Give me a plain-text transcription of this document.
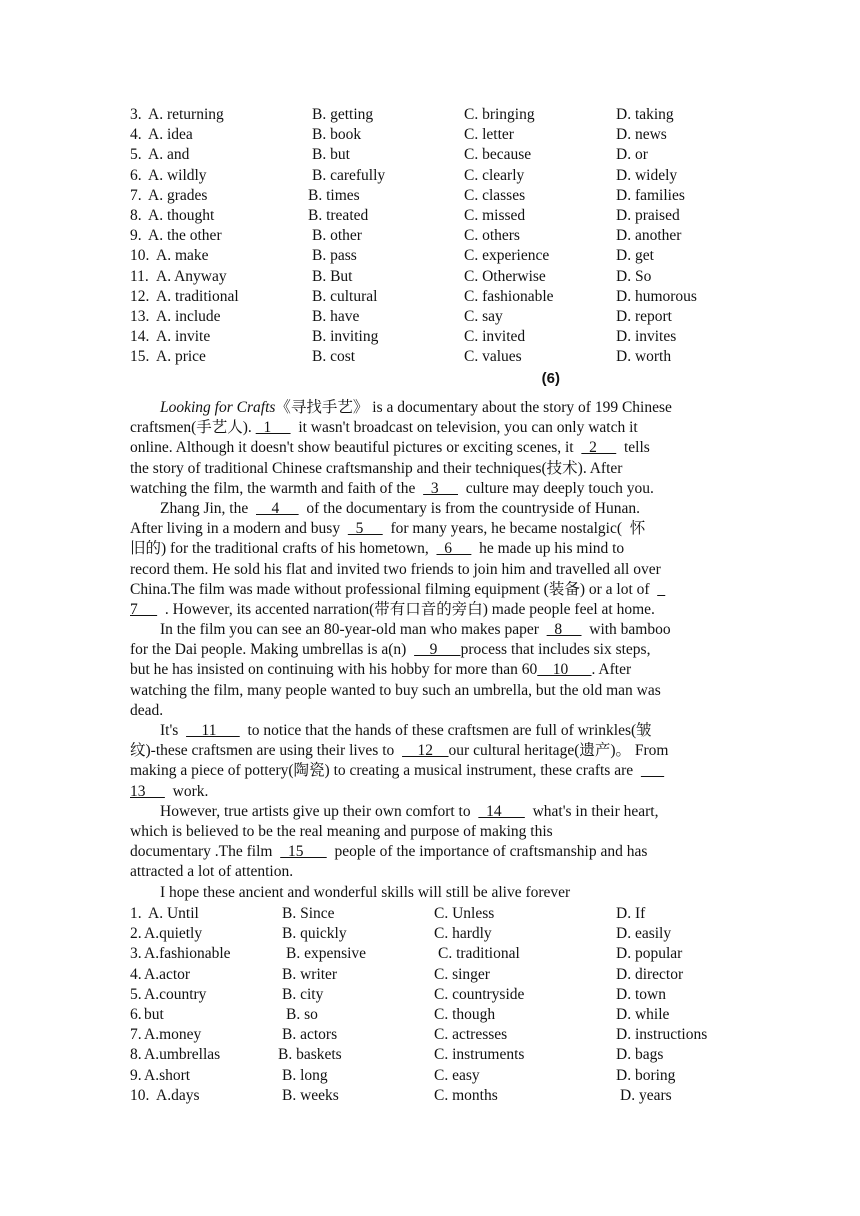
3. A. returning	B. getting	C. bringing	D. taking
4. A. idea	B. book	C. letter	D. news
5. A. and	B. but	C. because	D. or
6. A. wildly	B. carefully	C. clearly	D. widely
7. A. grades	B. times	C. classes	D. families
8. A. thought	B. treated	C. missed	D. praised
9. A. the other	B. other	C. others	D. another
10. A. make	B. pass	C. experience	D. get
11. A. Anyway	B. But	C. Otherwise	D. So
12. A. traditional	B. cultural	C. fashionable	D. humorous
13. A. include	B. have	C. say	D. report
14. A. invite	B. inviting	C. invited	D. invites
15. A. price	B. cost	C. values	D. worth
(6)
Looking for Crafts《寻找手艺》 is a documentary about the story of 199 Chinese
craftsmen(手艺人).   1       it wasn't broadcast on television, you can only watch it
online. Although it doesn't show beautiful pictures or exciting scenes, it    2       tells
the story of traditional Chinese craftsmanship and their techniques(技术). After
watching the film, the warmth and faith of the    3       culture may deeply touch you.
Zhang Jin, the      4       of the documentary is from the countryside of Hunan.
After living in a modern and busy    5       for many years, he became nostalgic(  怀
旧的) for the traditional crafts of his hometown,    6       he made up his mind to
record them. He sold his flat and invited two friends to join him and travelled all over
China.The film was made without professional filming equipment (装备) or a lot of  _
7       . However, its accented narration(带有口音的旁白) made people feel at home.
In the film you can see an 80-year-old man who makes paper    8       with bamboo
for the Dai people. Making umbrellas is a(n)      9      process that includes six steps,
but he has insisted on continuing with his hobby for more than 60    10      . After
watching the film, many people wanted to buy such an umbrella, but the old man was
dead.
It's      11        to notice that the hands of these craftsmen are full of wrinkles(皱
纹)-these craftsmen are using their lives to      12    our cultural heritage(遗产)。 From
making a piece of pottery(陶瓷) to creating a musical instrument, these crafts are
13       work.
However, true artists give up their own comfort to    14        what's in their heart,
which is believed to be the real meaning and purpose of making this
documentary .The film    15        people of the importance of craftsmanship and has
attracted a lot of attention.
I hope these ancient and wonderful skills will still be alive forever
1. A. Until	B. Since	C. Unless	D. If
2. A.quietly	B. quickly	C. hardly	D. easily
3. A.fashionable	B. expensive	C. traditional	D. popular
4. A.actor	B. writer	C. singer	D. director
5. A.country	B. city	C. countryside	D. town
6. but	B. so	C. though	D. while
7. A.money	B. actors	C. actresses	D. instructions
8. A.umbrellas	B. baskets	C. instruments	D. bags
9. A.short	B. long	C. easy	D. boring
10. A.days	B. weeks	C. months	D. years
